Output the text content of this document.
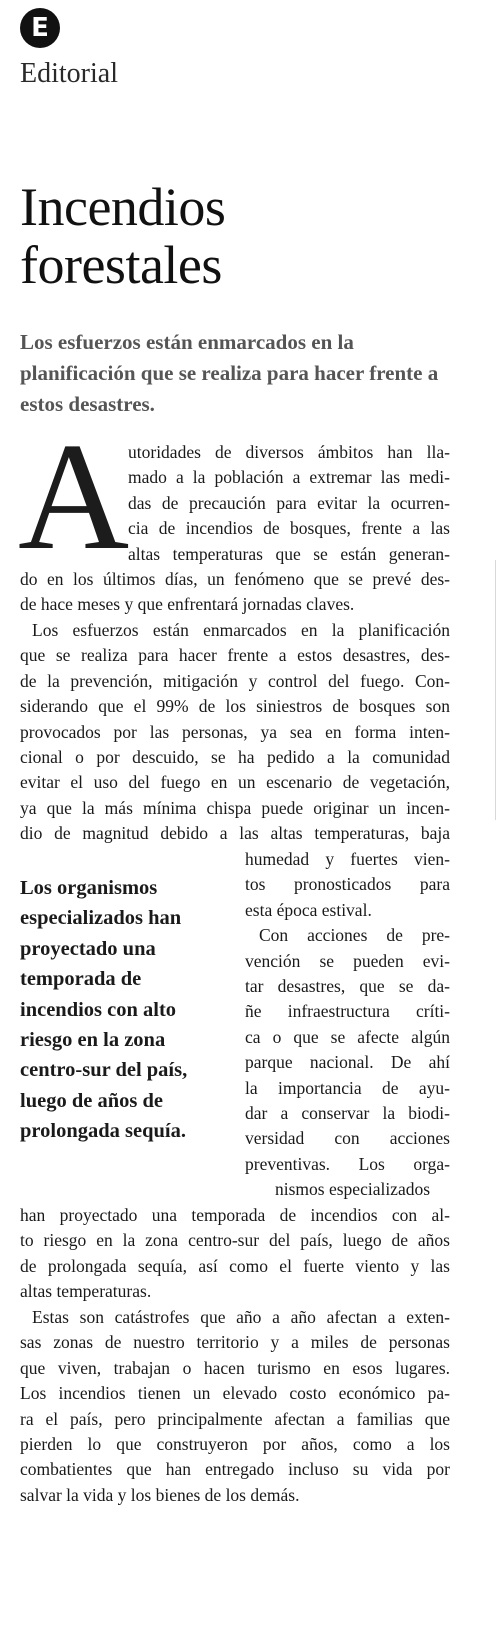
E
Editorial
Incendios
forestales

Los esfuerzos están enmarcados en la planificación que se realiza para hacer frente a estos desastres.

A
utoridades de diversos ámbitos han lla-
mado a la población a extremar las medi-
das de precaución para evitar la ocurren-
cia de incendios de bosques, frente a las
altas temperaturas que se están generan-
do en los últimos días, un fenómeno que se prevé des-
de hace meses y que enfrentará jornadas claves.
Los esfuerzos están enmarcados en la planificación
que se realiza para hacer frente a estos desastres, des-
de la prevención, mitigación y control del fuego. Con-
siderando que el 99% de los siniestros de bosques son
provocados por las personas, ya sea en forma inten-
cional o por descuido, se ha pedido a la comunidad
evitar el uso del fuego en un escenario de vegetación,
ya que la más mínima chispa puede originar un incen-
dio de magnitud debido a las altas temperaturas, baja
humedad y fuertes vien-
tos pronosticados para
esta época estival.
Con acciones de pre-
vención se pueden evi-
tar desastres, que se da-
ñe infraestructura críti-
ca o que se afecte algún
parque nacional. De ahí
la importancia de ayu-
dar a conservar la biodi-
versidad con acciones
preventivas. Los orga-
nismos especializados
Los organismos
especializados han
proyectado una
temporada de
incendios con alto
riesgo en la zona
centro-sur del país,
luego de años de
prolongada sequía.
han proyectado una temporada de incendios con al-
to riesgo en la zona centro-sur del país, luego de años
de prolongada sequía, así como el fuerte viento y las
altas temperaturas.
Estas son catástrofes que año a año afectan a exten-
sas zonas de nuestro territorio y a miles de personas
que viven, trabajan o hacen turismo en esos lugares.
Los incendios tienen un elevado costo económico pa-
ra el país, pero principalmente afectan a familias que
pierden lo que construyeron por años, como a los
combatientes que han entregado incluso su vida por
salvar la vida y los bienes de los demás.
